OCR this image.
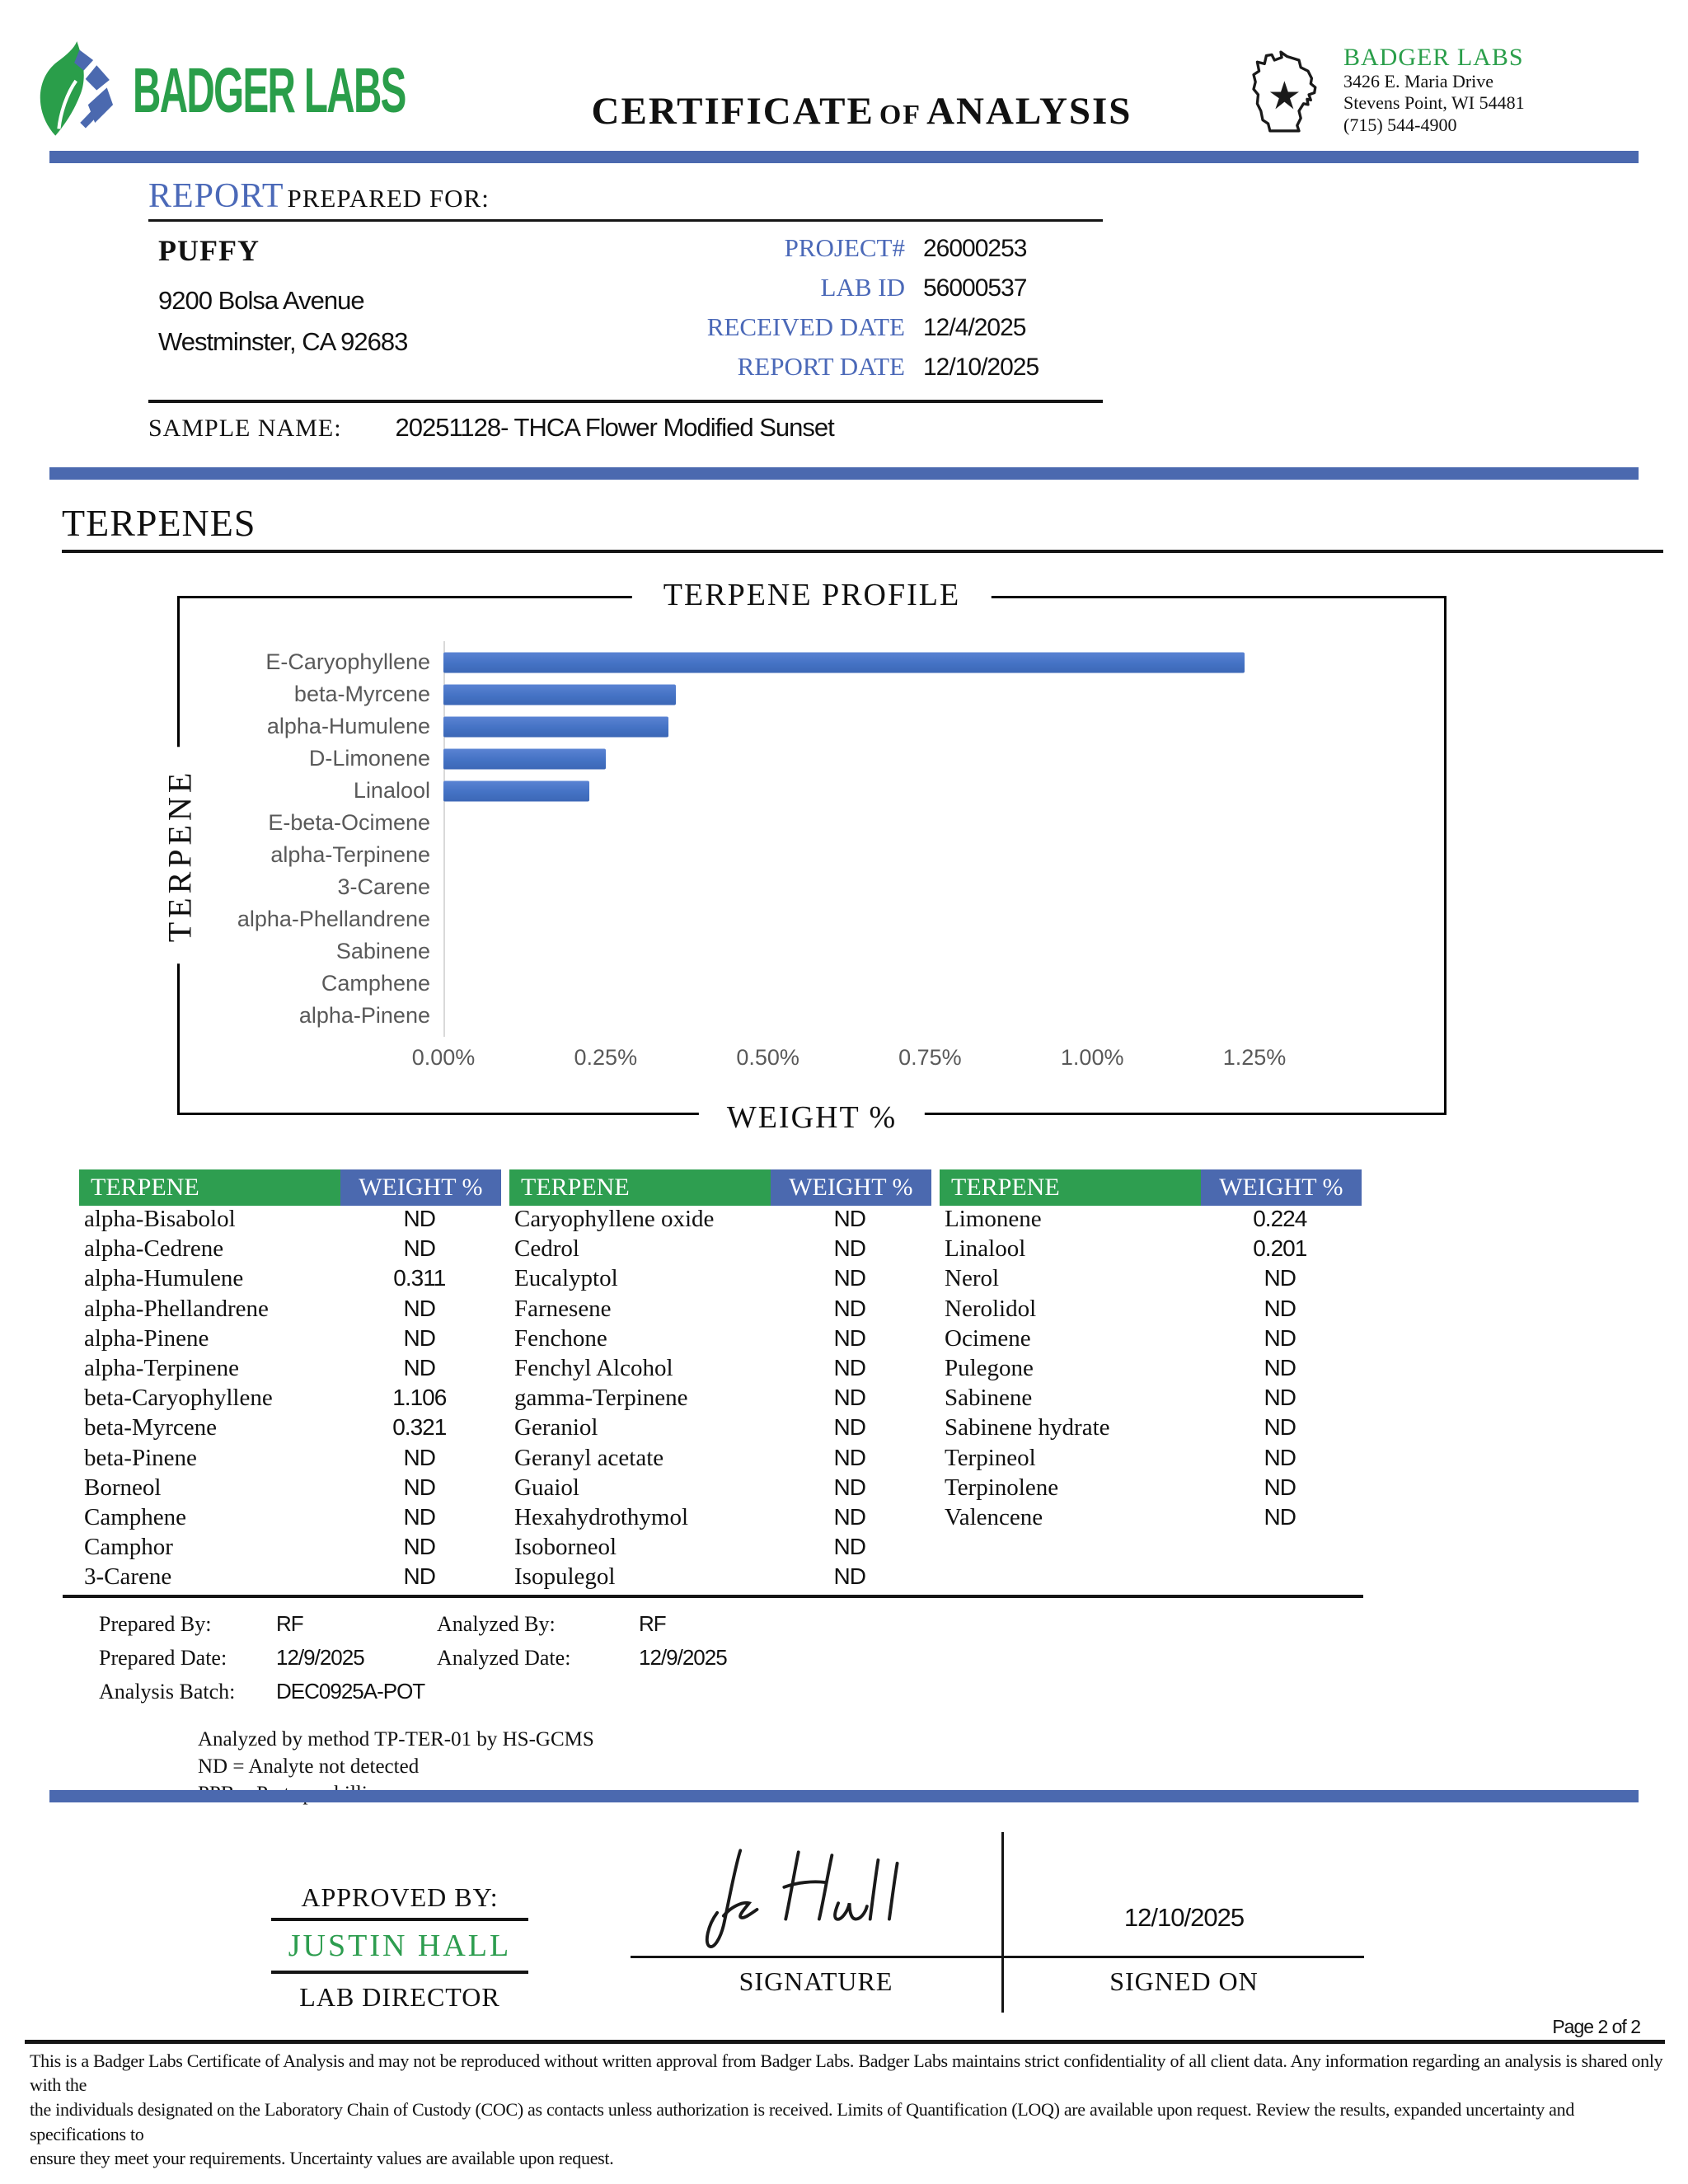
BADGER LABS	CERTIFICATE OF ANALYSIS
BADGER LABS
3426 E. Maria Drive
Stevens Point, WI 54481
(715) 544-4900
REPORT PREPARED FOR:
PUFFY
9200 Bolsa Avenue
Westminster, CA 92683
PROJECT# 26000253
LAB ID 56000537
RECEIVED DATE 12/4/2025
REPORT DATE 12/10/2025
SAMPLE NAME: 20251128- THCA Flower Modified Sunset
TERPENES
TERPENE PROFILE
WEIGHT %
TERPENE
E-Caryophyllene
beta-Myrcene
alpha-Humulene
D-Limonene
Linalool
E-beta-Ocimene
alpha-Terpinene
3-Carene
alpha-Phellandrene
Sabinene
Camphene
alpha-Pinene
0.00%	0.25%	0.50%	0.75%	1.00%	1.25%
TERPENE	WEIGHT %
alpha-Bisabolol	ND
alpha-Cedrene	ND
alpha-Humulene	0.311
alpha-Phellandrene	ND
alpha-Pinene	ND
alpha-Terpinene	ND
beta-Caryophyllene	1.106
beta-Myrcene	0.321
beta-Pinene	ND
Borneol	ND
Camphene	ND
Camphor	ND
3-Carene	ND
TERPENE	WEIGHT %
Caryophyllene oxide	ND
Cedrol	ND
Eucalyptol	ND
Farnesene	ND
Fenchone	ND
Fenchyl Alcohol	ND
gamma-Terpinene	ND
Geraniol	ND
Geranyl acetate	ND
Guaiol	ND
Hexahydrothymol	ND
Isoborneol	ND
Isopulegol	ND
TERPENE	WEIGHT %
Limonene	0.224
Linalool	0.201
Nerol	ND
Nerolidol	ND
Ocimene	ND
Pulegone	ND
Sabinene	ND
Sabinene hydrate	ND
Terpineol	ND
Terpinolene	ND
Valencene	ND
Prepared By:	RF	Analyzed By:	RF
Prepared Date:	12/9/2025	Analyzed Date:	12/9/2025
Analysis Batch:	DEC0925A-POT
Analyzed by method TP-TER-01 by HS-GCMS
ND = Analyte not detected
APPROVED BY:
JUSTIN HALL
LAB DIRECTOR
12/10/2025
SIGNATURE	SIGNED ON
Page 2 of 2
This is a Badger Labs Certificate of Analysis and may not be reproduced without written approval from Badger Labs. Badger Labs maintains strict confidentiality of all client data. Any information regarding an analysis is shared only with the
the individuals designated on the Laboratory Chain of Custody (COC) as contacts unless authorization is received. Limits of Quantification (LOQ) are available upon request. Review the results, expanded uncertainty and specifications to
ensure they meet your requirements. Uncertainty values are available upon request.
